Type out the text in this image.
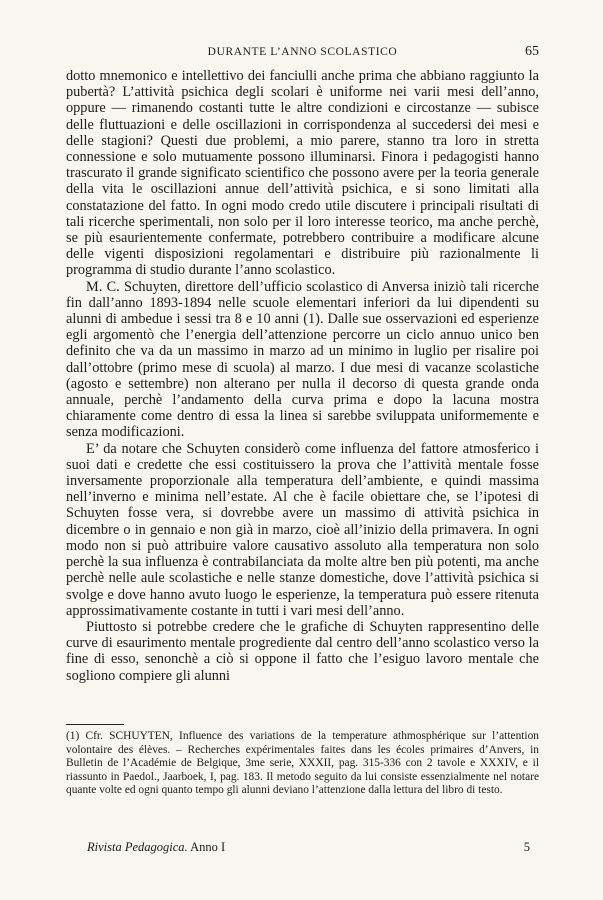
DURANTE L’ANNO SCOLASTICO	65

dotto mnemonico e intellettivo dei fanciulli anche prima che abbiano raggiunto la pubertà? L’attività psichica degli scolari è uniforme nei varii mesi dell’anno, oppure — rimanendo costanti tutte le altre condizioni e circostanze — subisce delle fluttuazioni e delle oscillazioni in corrispondenza al succedersi dei mesi e delle stagioni? Questi due problemi, a mio parere, stanno tra loro in stretta connessione e solo mutuamente possono illuminarsi. Finora i pedagogisti hanno trascurato il grande significato scientifico che possono avere per la teoria generale della vita le oscillazioni annue dell’attività psichica, e si sono limitati alla constatazione del fatto. In ogni modo credo utile discutere i principali risultati di tali ricerche sperimentali, non solo per il loro interesse teorico, ma anche perchè, se più esaurientemente confermate, potrebbero contribuire a modificare alcune delle vigenti disposizioni regolamentari e distribuire più razionalmente li programma di studio durante l’anno scolastico.

M. C. Schuyten, direttore dell’ufficio scolastico di Anversa iniziò tali ricerche fin dall’anno 1893-1894 nelle scuole elementari inferiori da lui dipendenti su alunni di ambedue i sessi tra 8 e 10 anni (1). Dalle sue osservazioni ed esperienze egli argomentò che l’energia dell’attenzione percorre un ciclo annuo unico ben definito che va da un massimo in marzo ad un minimo in luglio per risalire poi dall’ottobre (primo mese di scuola) al marzo. I due mesi di vacanze scolastiche (agosto e settembre) non alterano per nulla il decorso di questa grande onda annuale, perchè l’andamento della curva prima e dopo la lacuna mostra chiaramente come dentro di essa la linea si sarebbe sviluppata uniformemente e senza modificazioni.

E’ da notare che Schuyten considerò come influenza del fattore atmosferico i suoi dati e credette che essi costituissero la prova che l’attività mentale fosse inversamente proporzionale alla temperatura dell’ambiente, e quindi massima nell’inverno e minima nell’estate. Al che è facile obiettare che, se l’ipotesi di Schuyten fosse vera, si dovrebbe avere un massimo di attività psichica in dicembre o in gennaio e non già in marzo, cioè all’inizio della primavera. In ogni modo non si può attribuire valore causativo assoluto alla temperatura non solo perchè la sua influenza è contrabilanciata da molte altre ben più potenti, ma anche perchè nelle aule scolastiche e nelle stanze domestiche, dove l’attività psichica si svolge e dove hanno avuto luogo le esperienze, la temperatura può essere ritenuta approssimativamente costante in tutti i vari mesi dell’anno.

Piuttosto si potrebbe credere che le grafiche di Schuyten rappresentino delle curve di esaurimento mentale progrediente dal centro dell’anno scolastico verso la fine di esso, senonchè a ciò si oppone il fatto che l’esiguo lavoro mentale che sogliono compiere gli alunni

(1) Cfr. SCHUYTEN, Influence des variations de la temperature athmosphérique sur l’attention volontaire des élèves. – Recherches expérimentales faites dans les écoles primaires d’Anvers, in Bulletin de l’Académie de Belgique, 3me serie, XXXII, pag. 315-336 con 2 tavole e XXXIV, e il riassunto in Paedol., Jaarboek, I, pag. 183. Il metodo seguito da lui consiste essenzialmente nel notare quante volte ed ogni quanto tempo gli alunni deviano l’attenzione dalla lettura del libro di testo.

Rivista Pedagogica. Anno I	5
